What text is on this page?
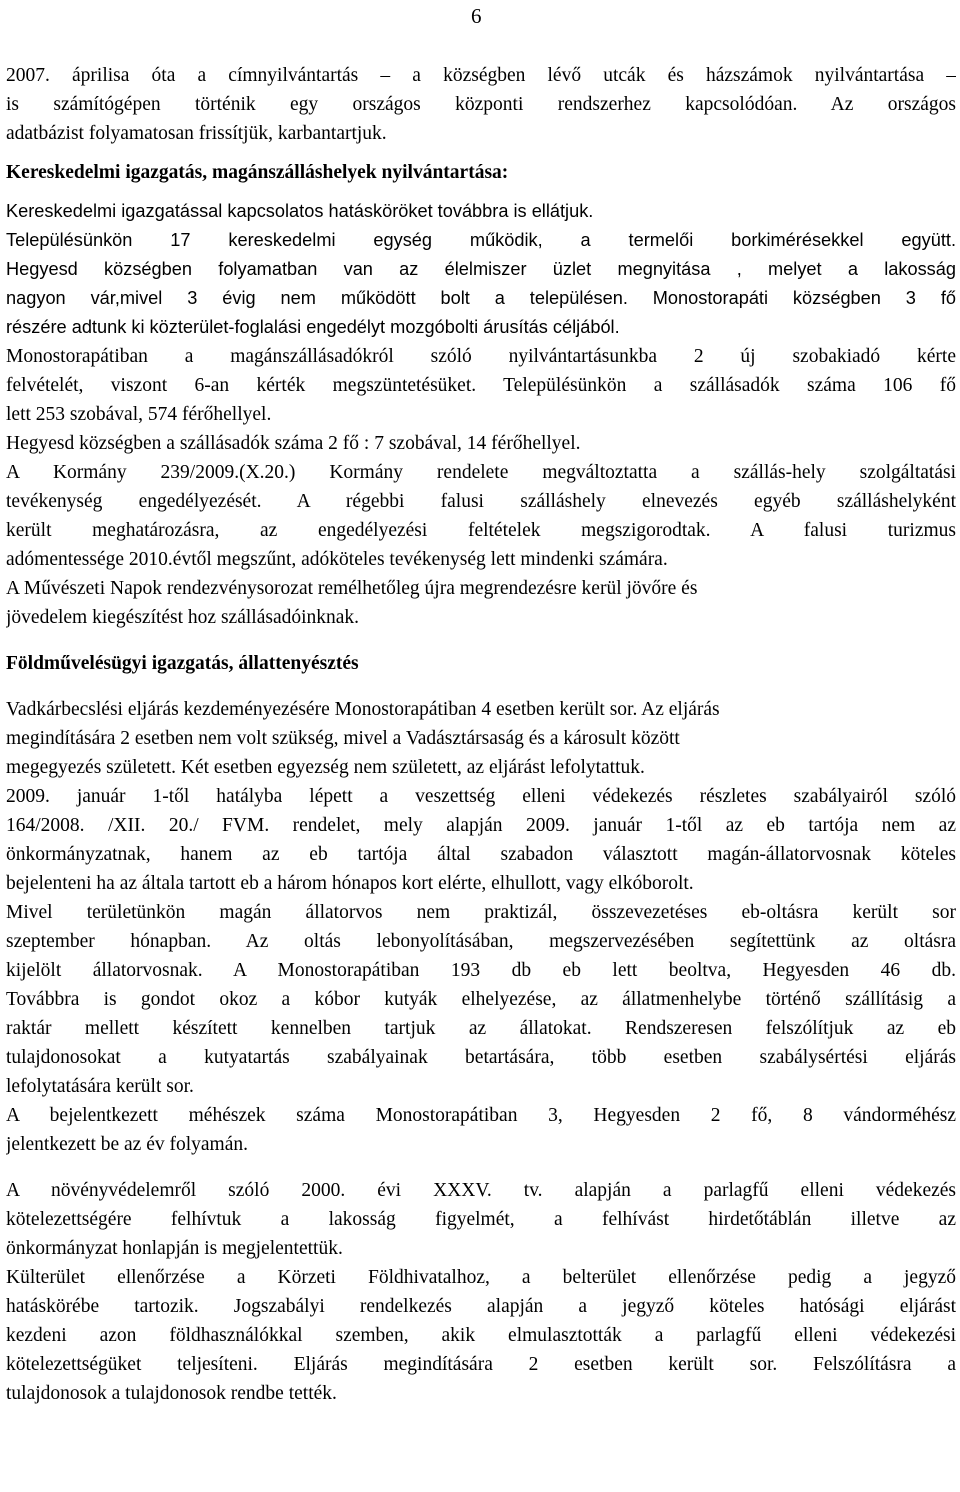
6
2007. áprilisa óta a címnyilvántartás – a községben lévő utcák és házszámok nyilvántartása –
is számítógépen történik egy országos központi rendszerhez kapcsolódóan. Az országos
adatbázist folyamatosan frissítjük, karbantartjuk.
Kereskedelmi igazgatás, magánszálláshelyek nyilvántartása:
Kereskedelmi igazgatással kapcsolatos hatásköröket továbbra is ellátjuk.
Településünkön 17 kereskedelmi egység működik, a termelői borkimérésekkel együtt.
Hegyesd községben folyamatban van az élelmiszer üzlet megnyitása , melyet a lakosság
nagyon vár,mivel 3 évig nem működött bolt a településen. Monostorapáti községben 3 fő
részére adtunk ki közterület-foglalási engedélyt mozgóbolti árusítás céljából.
Monostorapátiban a magánszállásadókról szóló nyilvántartásunkba 2 új szobakiadó kérte
felvételét, viszont 6-an kérték megszüntetésüket. Településünkön a szállásadók száma 106 fő
lett 253 szobával, 574 férőhellyel.
Hegyesd községben a szállásadók száma 2 fő : 7 szobával, 14 férőhellyel.
A Kormány 239/2009.(X.20.) Kormány rendelete megváltoztatta a szállás-hely szolgáltatási
tevékenység engedélyezését. A régebbi falusi szálláshely elnevezés egyéb szálláshelyként
került meghatározásra, az engedélyezési feltételek megszigorodtak. A falusi turizmus
adómentessége 2010.évtől megszűnt, adóköteles tevékenység lett mindenki számára.
A Művészeti Napok rendezvénysorozat remélhetőleg újra megrendezésre kerül jövőre és
jövedelem kiegészítést hoz szállásadóinknak.
Földművelésügyi igazgatás, állattenyésztés
Vadkárbecslési eljárás kezdeményezésére Monostorapátiban 4 esetben került sor. Az eljárás
megindítására 2 esetben nem volt szükség, mivel a Vadásztársaság és a károsult között
megegyezés született. Két esetben egyezség nem született, az eljárást lefolytattuk.
2009. január 1-től hatályba lépett a veszettség elleni védekezés részletes szabályairól szóló
164/2008. /XII. 20./ FVM. rendelet, mely alapján 2009. január 1-től az eb tartója nem az
önkormányzatnak, hanem az eb tartója által szabadon választott magán-állatorvosnak köteles
bejelenteni ha az általa tartott eb a három hónapos kort elérte, elhullott, vagy elkóborolt.
Mivel területünkön magán állatorvos nem praktizál, összevezetéses eb-oltásra került sor
szeptember hónapban. Az oltás lebonyolításában, megszervezésében segítettünk az oltásra
kijelölt állatorvosnak. A Monostorapátiban 193 db eb lett beoltva, Hegyesden 46 db.
Továbbra is gondot okoz a kóbor kutyák elhelyezése, az állatmenhelybe történő szállításig a
raktár mellett készített kennelben tartjuk az állatokat. Rendszeresen felszólítjuk az eb
tulajdonosokat a kutyatartás szabályainak betartására, több esetben szabálysértési eljárás
lefolytatására került sor.
A bejelentkezett méhészek száma Monostorapátiban 3, Hegyesden 2 fő, 8 vándorméhész
jelentkezett be az év folyamán.
A növényvédelemről szóló 2000. évi XXXV. tv. alapján a parlagfű elleni védekezés
kötelezettségére felhívtuk a lakosság figyelmét, a felhívást hirdetőtáblán illetve az
önkormányzat honlapján is megjelentettük.
Külterület ellenőrzése a Körzeti Földhivatalhoz, a belterület ellenőrzése pedig a jegyző
hatáskörébe tartozik. Jogszabályi rendelkezés alapján a jegyző köteles hatósági eljárást
kezdeni azon földhasználókkal szemben, akik elmulasztották a parlagfű elleni védekezési
kötelezettségüket teljesíteni. Eljárás megindítására 2 esetben került sor. Felszólításra a
tulajdonosok a tulajdonosok rendbe tették.
